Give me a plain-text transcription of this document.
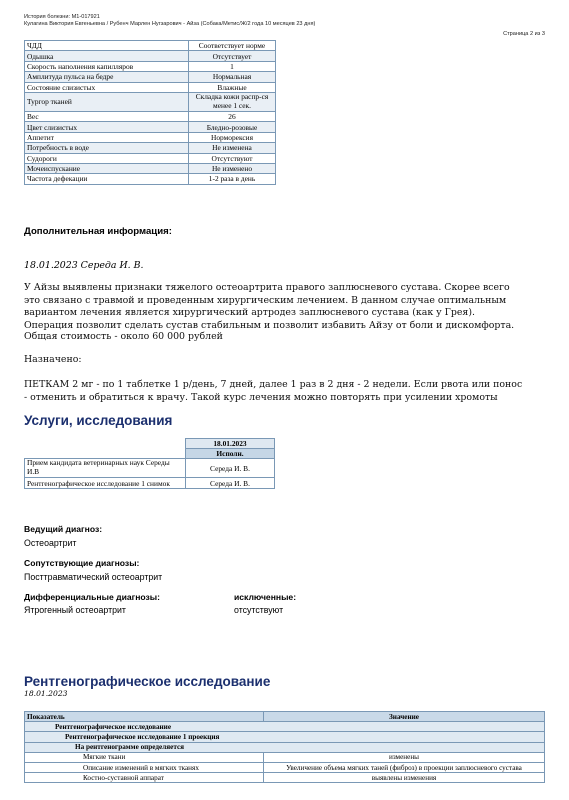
История болезни: М1-017921
Кулагина Виктория Евгеньевна / Рубенч Марлен Нугзарович - Айза (Собака/Метис/Ж/2 года 10 месяцев 23 дня)
Страница 2 из 3
ЧДД	Соответствует норме
Одышка	Отсутствует
Скорость наполнения капилляров	1
Амплитуда пульса на бедре	Нормальная
Состояние слизистых	Влажные
Тургор тканей	Складка кожи распр-ся менее 1 сек.
Вес	26
Цвет слизистых	Бледно-розовые
Аппетит	Норморексия
Потребность в воде	Не изменена
Судороги	Отсутствуют
Мочеиспускание	Не изменено
Частота дефекации	1-2 раза в день
Дополнительная информация:
18.01.2023 Середа И. В.
У Айзы выявлены признаки тяжелого остеоартрита правого заплюсневого сустава. Скорее всего это связано с травмой и проведенным хирургическим лечением. В данном случае оптимальным вариантом лечения является хирургический артродез заплюсневого сустава (как у Грея). Операция позволит сделать сустав стабильным и позволит избавить Айзу от боли и дискомфорта.
Общая стоимость - около 60 000 рублей
Назначено:
ПЕТКАМ 2 мг - по 1 таблетке 1 р/день, 7 дней, далее 1 раз в 2 дня - 2 недели. Если рвота или понос - отменить и обратиться к врачу. Такой курс лечения можно повторять при усилении хромоты
Услуги, исследования
	18.01.2023
	Исполн.
Прием кандидата ветеринарных наук Середы И.В	Середа И. В.
Рентгенографическое исследование 1 снимок	Середа И. В.
Ведущий диагноз:
Остеоартрит
Сопутствующие диагнозы:
Посттравматический остеоартрит
Дифференциальные диагнозы:
Ятрогенный остеоартрит
исключенные:
отсутствуют
Рентгенографическое исследование
18.01.2023
Показатель	Значение
Рентгенографическое исследование	
Рентгенографическое исследование 1 проекция	
На рентгенограмме определяется	
Мягкие ткани	изменены
Описание изменений в мягких тканях	Увеличение объема мягких таней (фиброз) в проекции заплюсневого сустава
Костно-суставной аппарат	выявлены изменения
